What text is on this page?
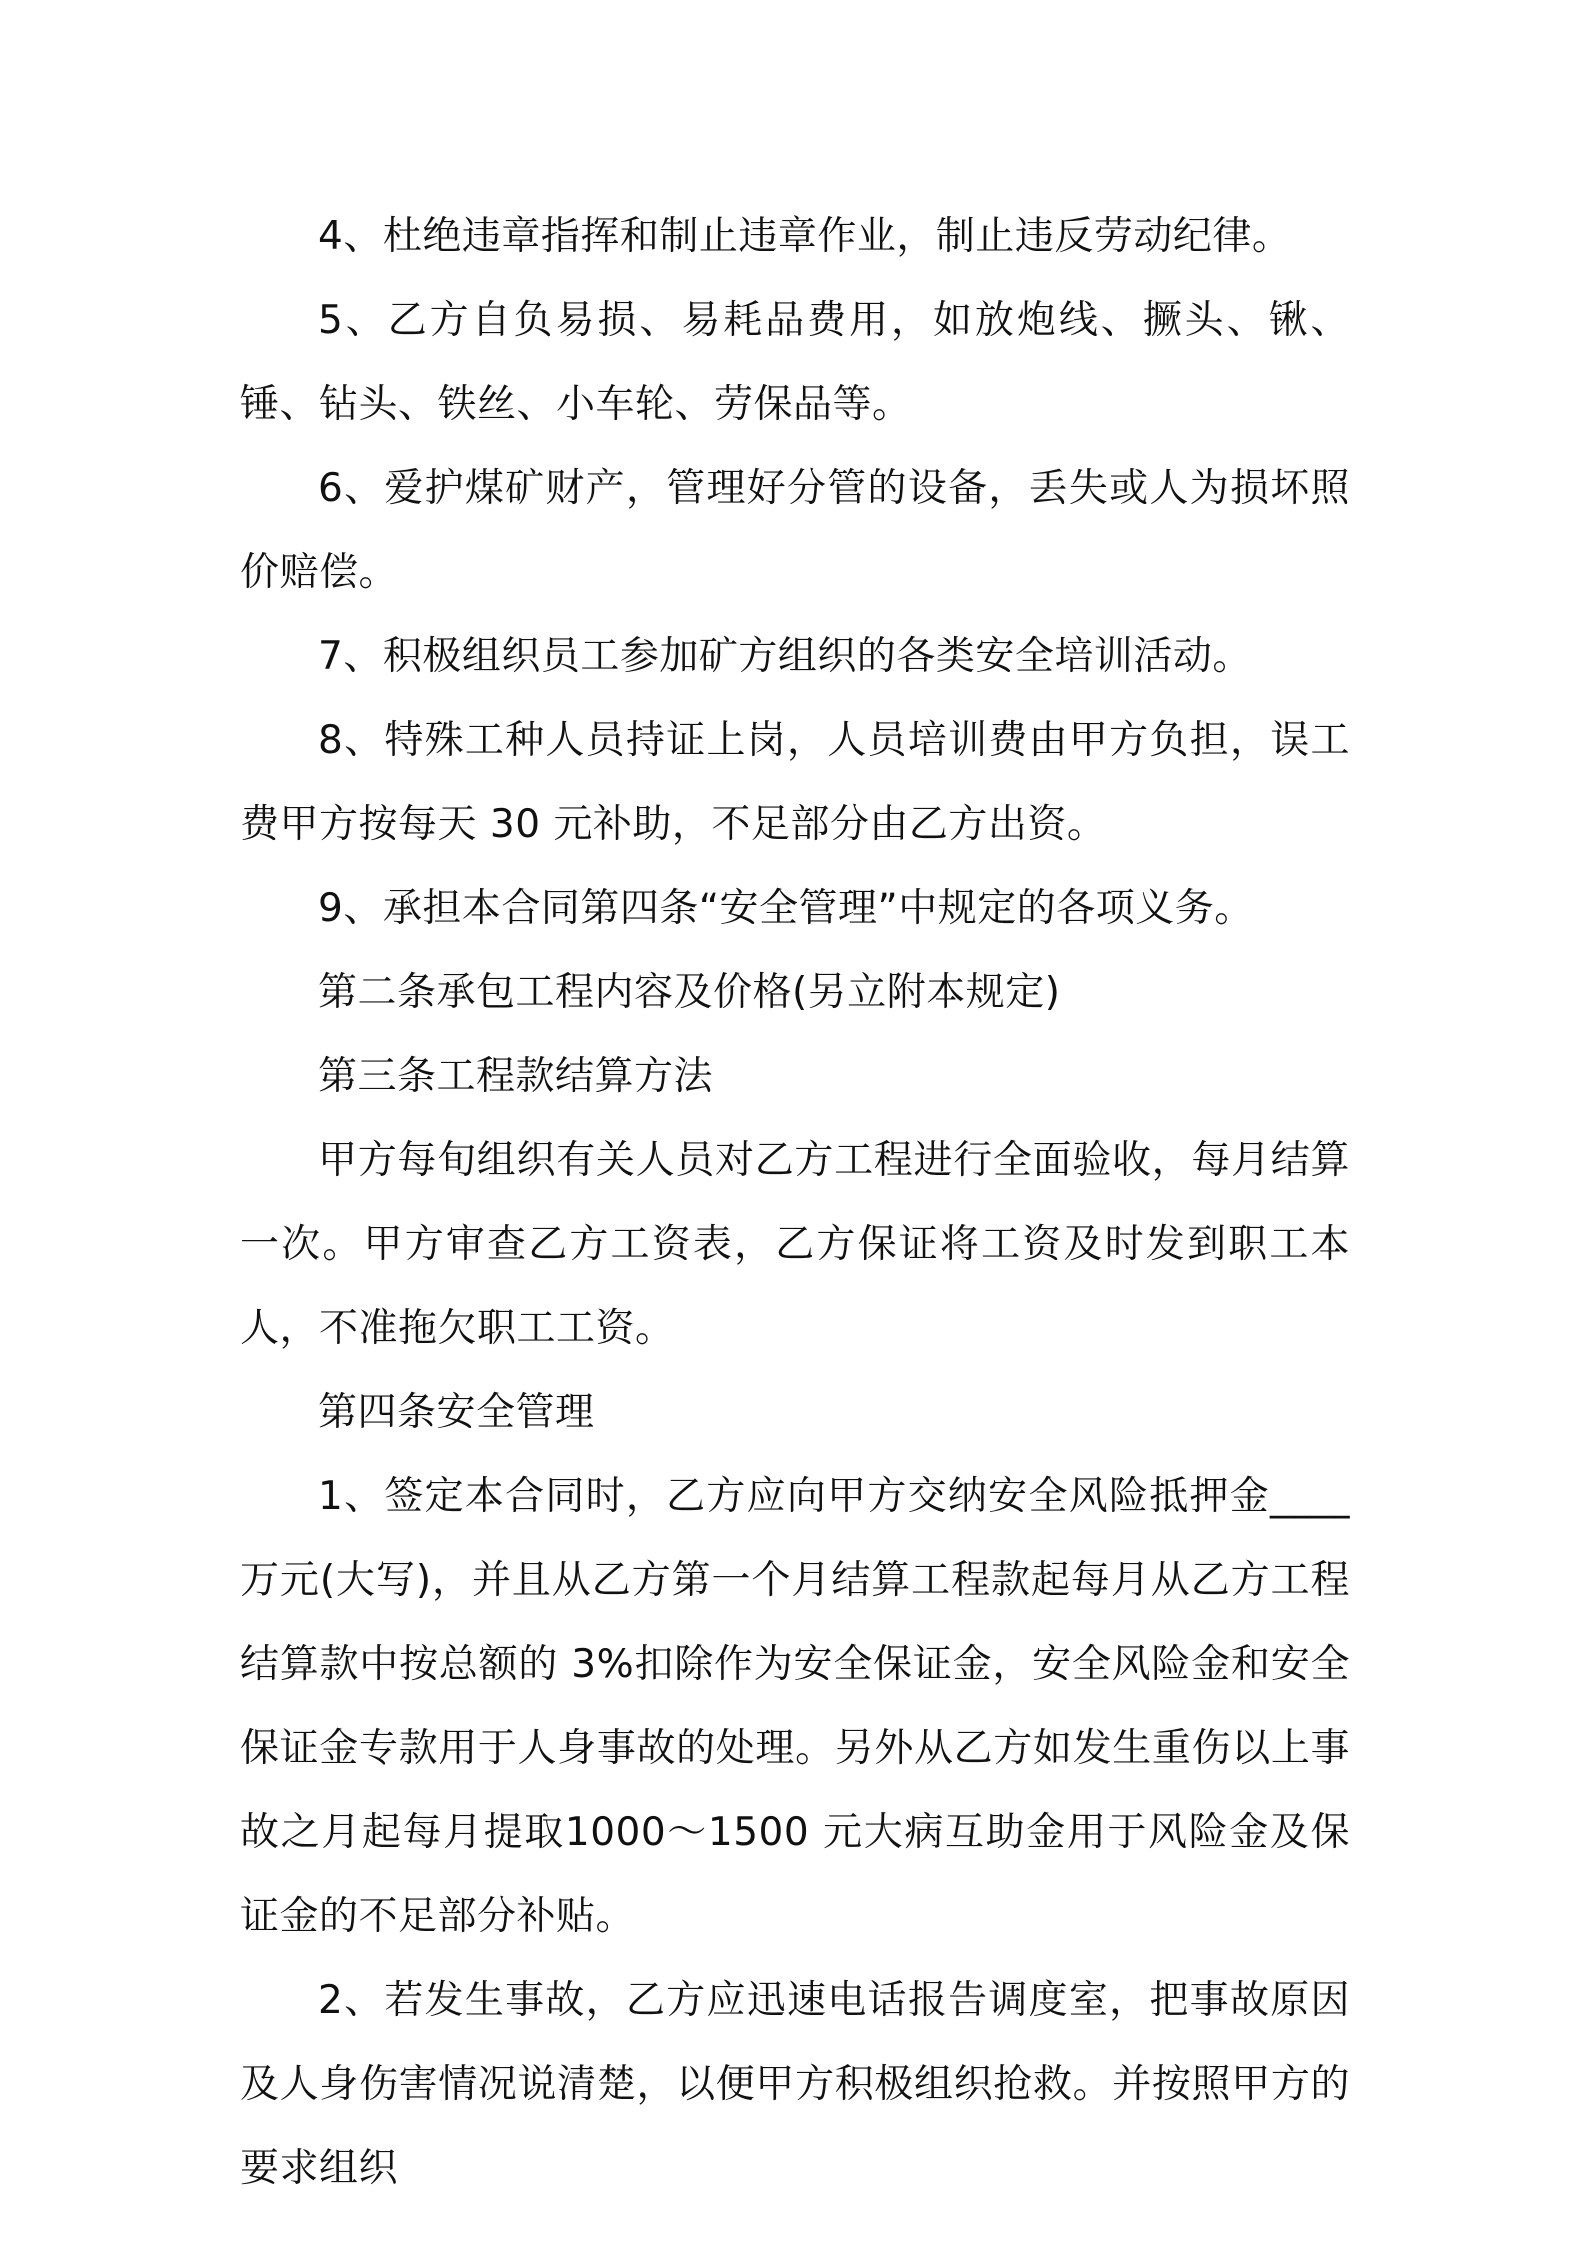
4、杜绝违章指挥和制止违章作业，制止违反劳动纪律。

5、乙方自负易损、易耗品费用，如放炮线、撅头、锹、锤、钻头、铁丝、小车轮、劳保品等。

6、爱护煤矿财产，管理好分管的设备，丢失或人为损坏照价赔偿。

7、积极组织员工参加矿方组织的各类安全培训活动。

8、特殊工种人员持证上岗，人员培训费由甲方负担，误工费甲方按每天 30 元补助，不足部分由乙方出资。

9、承担本合同第四条“安全管理”中规定的各项义务。

第二条承包工程内容及价格(另立附本规定)

第三条工程款结算方法

甲方每旬组织有关人员对乙方工程进行全面验收，每月结算一次。甲方审查乙方工资表，乙方保证将工资及时发到职工本人，不准拖欠职工工资。

第四条安全管理

1、签定本合同时，乙方应向甲方交纳安全风险抵押金____万元(大写)，并且从乙方第一个月结算工程款起每月从乙方工程结算款中按总额的 3%扣除作为安全保证金，安全风险金和安全保证金专款用于人身事故的处理。另外从乙方如发生重伤以上事故之月起每月提取1000～1500 元大病互助金用于风险金及保证金的不足部分补贴。

2、若发生事故，乙方应迅速电话报告调度室，把事故原因及人身伤害情况说清楚，以便甲方积极组织抢救。并按照甲方的要求组织
